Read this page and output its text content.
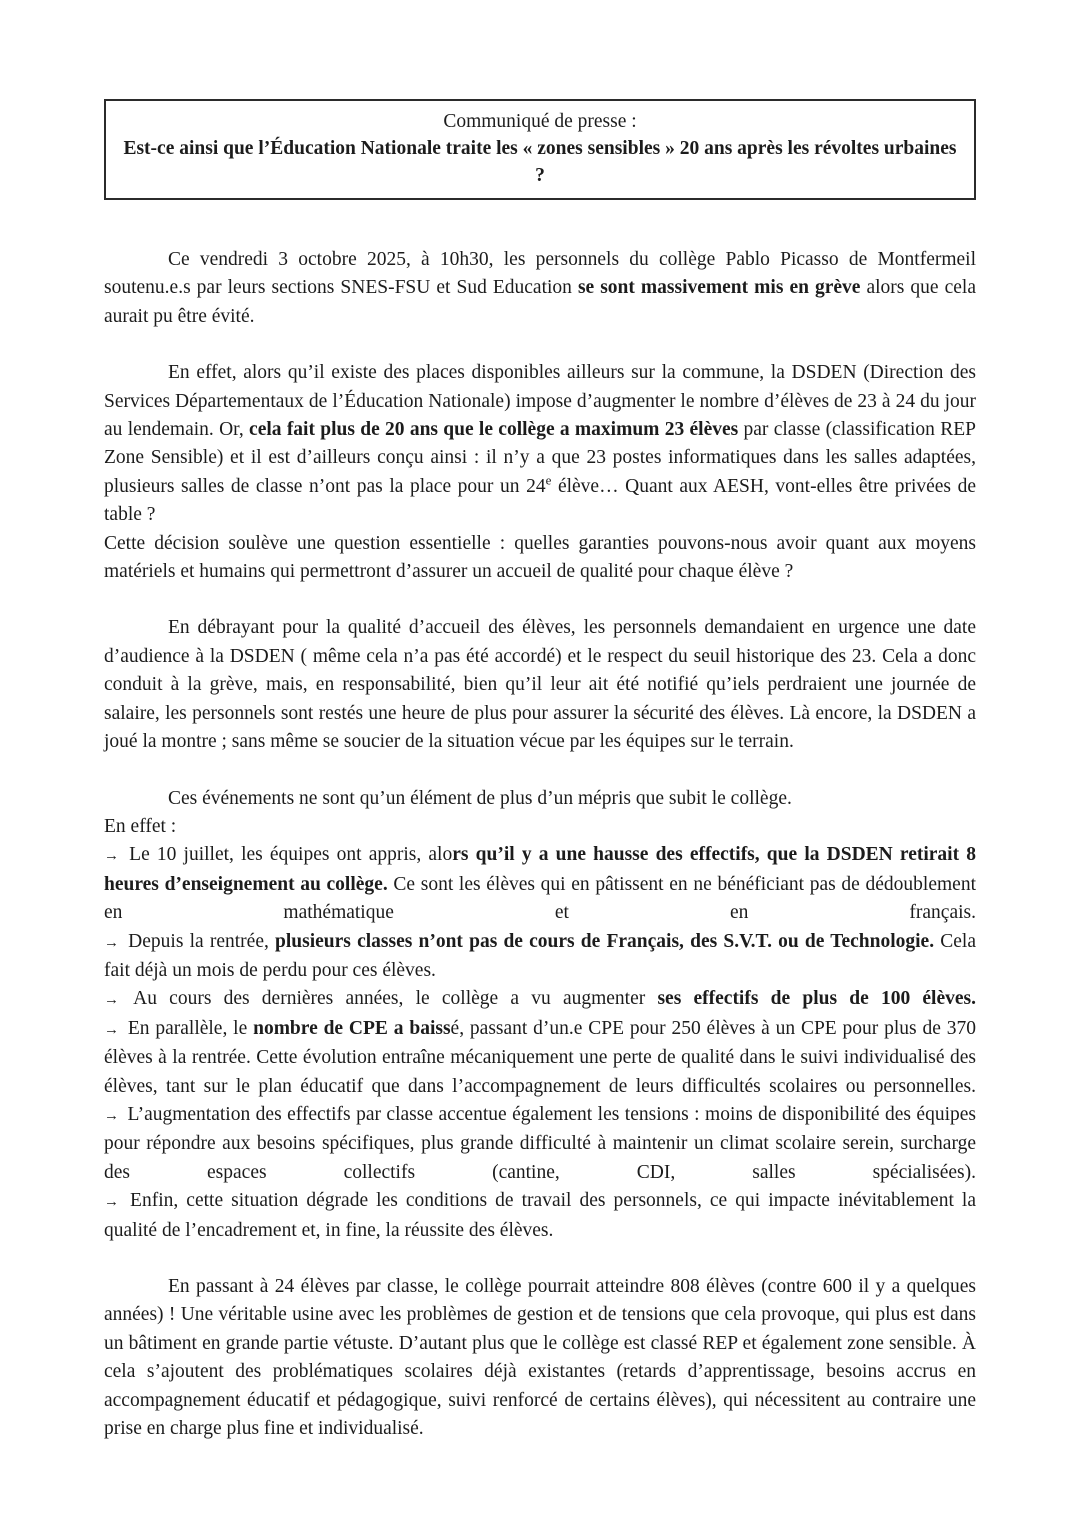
Communiqué de presse :
Est-ce ainsi que l’Éducation Nationale traite les « zones sensibles » 20 ans après les révoltes urbaines ?

Ce vendredi 3 octobre 2025, à 10h30, les personnels du collège Pablo Picasso de Montfermeil soutenu.e.s par leurs sections SNES-FSU et Sud Education se sont massivement mis en grève alors que cela aurait pu être évité.

En effet, alors qu’il existe des places disponibles ailleurs sur la commune, la DSDEN (Direction des Services Départementaux de l’Éducation Nationale) impose d’augmenter le nombre d’élèves de 23 à 24 du jour au lendemain. Or, cela fait plus de 20 ans que le collège a maximum 23 élèves par classe (classification REP Zone Sensible) et il est d’ailleurs conçu ainsi : il n’y a que 23 postes informatiques dans les salles adaptées, plusieurs salles de classe n’ont pas la place pour un 24e élève… Quant aux AESH, vont-elles être privées de table ?

Cette décision soulève une question essentielle : quelles garanties pouvons-nous avoir quant aux moyens matériels et humains qui permettront d’assurer un accueil de qualité pour chaque élève ?

En débrayant pour la qualité d’accueil des élèves, les personnels demandaient en urgence une date d’audience à la DSDEN ( même cela n’a pas été accordé) et le respect du seuil historique des 23. Cela a donc conduit à la grève, mais, en responsabilité, bien qu’il leur ait été notifié qu’iels perdraient une journée de salaire, les personnels sont restés une heure de plus pour assurer la sécurité des élèves. Là encore, la DSDEN a joué la montre ; sans même se soucier de la situation vécue par les équipes sur le terrain.

Ces événements ne sont qu’un élément de plus d’un mépris que subit le collège.

En effet :

→ Le 10 juillet, les équipes ont appris, alors qu’il y a une hausse des effectifs, que la DSDEN retirait 8 heures d’enseignement au collège. Ce sont les élèves qui en pâtissent en ne bénéficiant pas de dédoublement en mathématique et en français.

→ Depuis la rentrée, plusieurs classes n’ont pas de cours de Français, des S.V.T. ou de Technologie. Cela fait déjà un mois de perdu pour ces élèves.

→ Au cours des dernières années, le collège a vu augmenter ses effectifs de plus de 100 élèves.

→ En parallèle, le nombre de CPE a baissé, passant d’un.e CPE pour 250 élèves à un CPE pour plus de 370 élèves à la rentrée. Cette évolution entraîne mécaniquement une perte de qualité dans le suivi individualisé des élèves, tant sur le plan éducatif que dans l’accompagnement de leurs difficultés scolaires ou personnelles.

→ L’augmentation des effectifs par classe accentue également les tensions : moins de disponibilité des équipes pour répondre aux besoins spécifiques, plus grande difficulté à maintenir un climat scolaire serein, surcharge des espaces collectifs (cantine, CDI, salles spécialisées).

→ Enfin, cette situation dégrade les conditions de travail des personnels, ce qui impacte inévitablement la qualité de l’encadrement et, in fine, la réussite des élèves.

En passant à 24 élèves par classe, le collège pourrait atteindre 808 élèves (contre 600 il y a quelques années) ! Une véritable usine avec les problèmes de gestion et de tensions que cela provoque, qui plus est dans un bâtiment en grande partie vétuste. D’autant plus que le collège est classé REP et également zone sensible. À cela s’ajoutent des problématiques scolaires déjà existantes (retards d’apprentissage, besoins accrus en accompagnement éducatif et pédagogique, suivi renforcé de certains élèves), qui nécessitent au contraire une prise en charge plus fine et individualisé.
